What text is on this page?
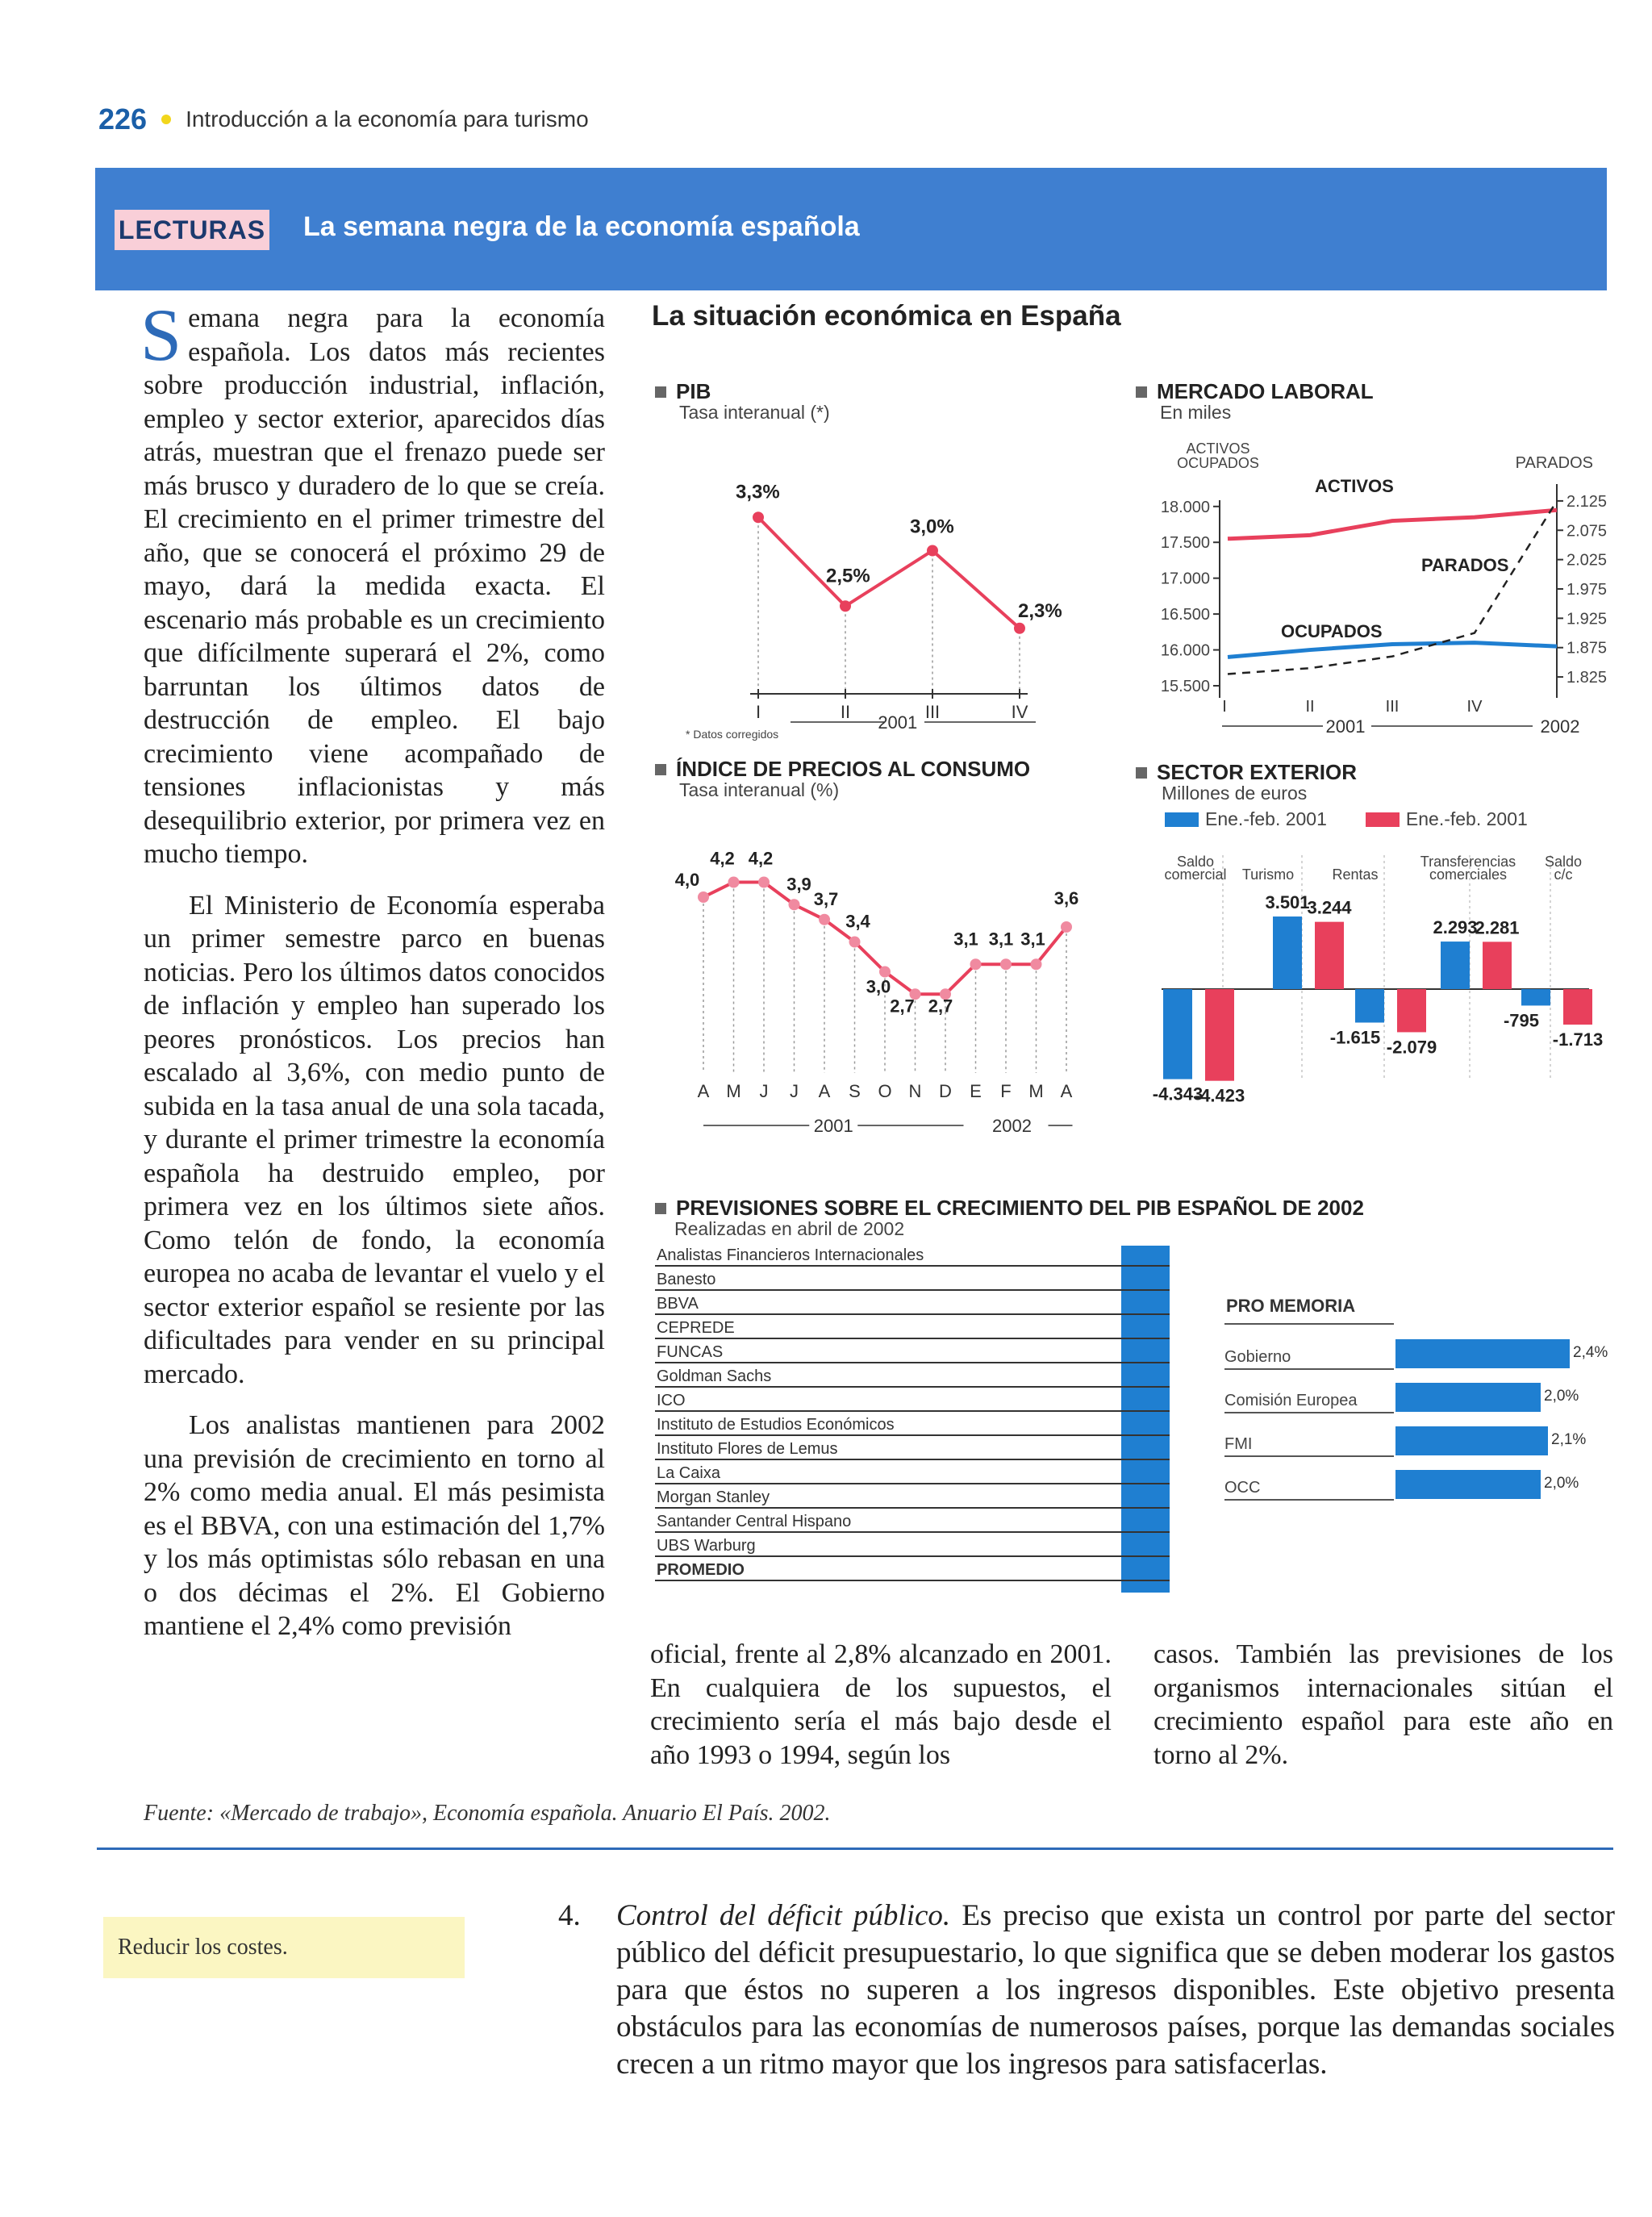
226 Introducción a la economía para turismo
LECTURAS La semana negra de la economía española

Semana negra para la economía española. Los datos más recientes sobre producción industrial, inflación, empleo y sector exterior, aparecidos días atrás, muestran que el frenazo puede ser más brusco y duradero de lo que se creía. El crecimiento en el primer trimestre del año, que se conocerá el próximo 29 de mayo, dará la medida exacta. El escenario más probable es un crecimiento que difícilmente superará el 2%, como barruntan los últimos datos de destrucción de empleo. El bajo crecimiento viene acompañado de tensiones inflacionistas y más desequilibrio exterior, por primera vez en mucho tiempo.

El Ministerio de Economía esperaba un primer semestre parco en buenas noticias. Pero los últimos datos conocidos de inflación y empleo han superado los peores pronósticos. Los precios han escalado al 3,6%, con medio punto de subida en la tasa anual de una sola tacada, y durante el primer trimestre la economía española ha destruido empleo, por primera vez en los últimos siete años. Como telón de fondo, la economía europea no acaba de levantar el vuelo y el sector exterior español se resiente por las dificultades para vender en su principal mercado.

Los analistas mantienen para 2002 una previsión de crecimiento en torno al 2% como media anual. El más pesimista es el BBVA, con una estimación del 1,7% y los más optimistas sólo rebasan en una o dos décimas el 2%. El Gobierno mantiene el 2,4% como previsión

La situación económica en España
PIB
Tasa interanual (*)
3,3%
I
2,5%
II
3,0%
III
2,3%
IV
2001
* Datos corregidos
MERCADO LABORAL
En miles
18.000
17.500
17.000
16.500
16.000
15.500
2.125
2.075
2.025
1.975
1.925
1.875
1.825
ACTIVOS
OCUPADOS
PARADOS
ACTIVOS
OCUPADOS	PARADOS
I	II	III	IV
2001	2002
ÍNDICE DE PRECIOS AL CONSUMO
Tasa interanual (%)
4,0
A
4,2
M
4,2
J
3,9
J
3,7
A
3,4
S
3,0
O
2,7
N
2,7
D
3,1
E
3,1
F
3,1
M
3,6
A
2001	2002
SECTOR EXTERIOR
Millones de euros
Ene.-feb. 2001	Ene.-feb. 2001
Saldo
comercial Turismo	Rentas
Transferencias
comerciales
Saldo
c/c
-4.343
3.501
-1.615
2.293
-795
-4.423
3.244
-2.079
2.281
-1.713
PREVISIONES SOBRE EL CRECIMIENTO DEL PIB ESPAÑOL DE 2002
Realizadas en abril de 2002
Analistas Financieros Internacionales
Banesto
BBVA
CEPREDE
FUNCAS
Goldman Sachs
ICO
Instituto de Estudios Económicos
Instituto Flores de Lemus
La Caixa
Morgan Stanley
Santander Central Hispano
UBS Warburg
PROMEDIO
PRO MEMORIA
Gobierno	2,4%
Comisión Europea	2,0%
FMI	2,1%
OCC	2,0%

oficial, frente al 2,8% alcanzado en 2001. En cualquiera de los supuestos, el crecimiento sería el más bajo desde el año 1993 o 1994, según los

casos. También las previsiones de los organismos internacionales sitúan el crecimiento español para este año en torno al 2%.

Fuente: «Mercado de trabajo», Economía española. Anuario El País. 2002.
Reducir los costes.
4. Control del déficit público. Es preciso que exista un control por parte del sector público del déficit presupuestario, lo que significa que se deben moderar los gastos para que éstos no superen a los ingresos disponibles. Este objetivo presenta obstáculos para las economías de numerosos países, porque las demandas sociales crecen a un ritmo mayor que los ingresos para satisfacerlas.
